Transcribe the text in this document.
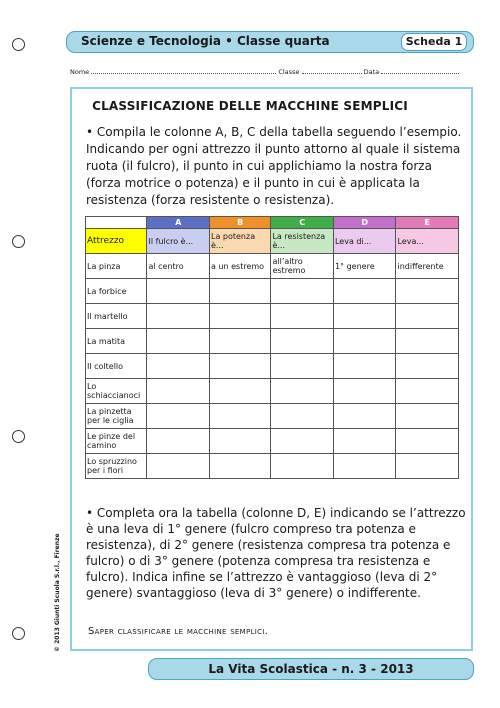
Scienze e Tecnologia • Classe quarta	Scheda 1
Nome	Classe	Data
CLASSIFICAZIONE DELLE MACCHINE SEMPLICI
• Compila le colonne A, B, C della tabella seguendo l’esempio. Indicando per ogni attrezzo il punto attorno al quale il sistema ruota (il fulcro), il punto in cui applichiamo la nostra forza (forza motrice o potenza) e il punto in cui è applicata la resistenza (forza resistente o resistenza).
	A	B	C	D	E
Attrezzo	Il fulcro è...	La potenza è...	La resistenza è...	Leva di...	Leva...
La pinza	al centro	a un estremo	all’altro estremo	1° genere	indifferente
La forbice					
Il martello					
La matita					
Il coltello					
Lo schiaccianoci					
La pinzetta per le ciglia					
Le pinze del camino					
Lo spruzzino per i fiori					
• Completa ora la tabella (colonne D, E) indicando se l’attrezzo è una leva di 1° genere (fulcro compreso tra potenza e resistenza), di 2° genere (resistenza compresa tra potenza e fulcro) o di 3° genere (potenza compresa tra resistenza e fulcro). Indica infine se l’attrezzo è vantaggioso (leva di 2° genere) svantaggioso (leva di 3° genere) o indifferente.
Saper classificare le macchine semplici.
La Vita Scolastica - n. 3 - 2013
© 2013 Giunti Scuola S.r.l., Firenze
